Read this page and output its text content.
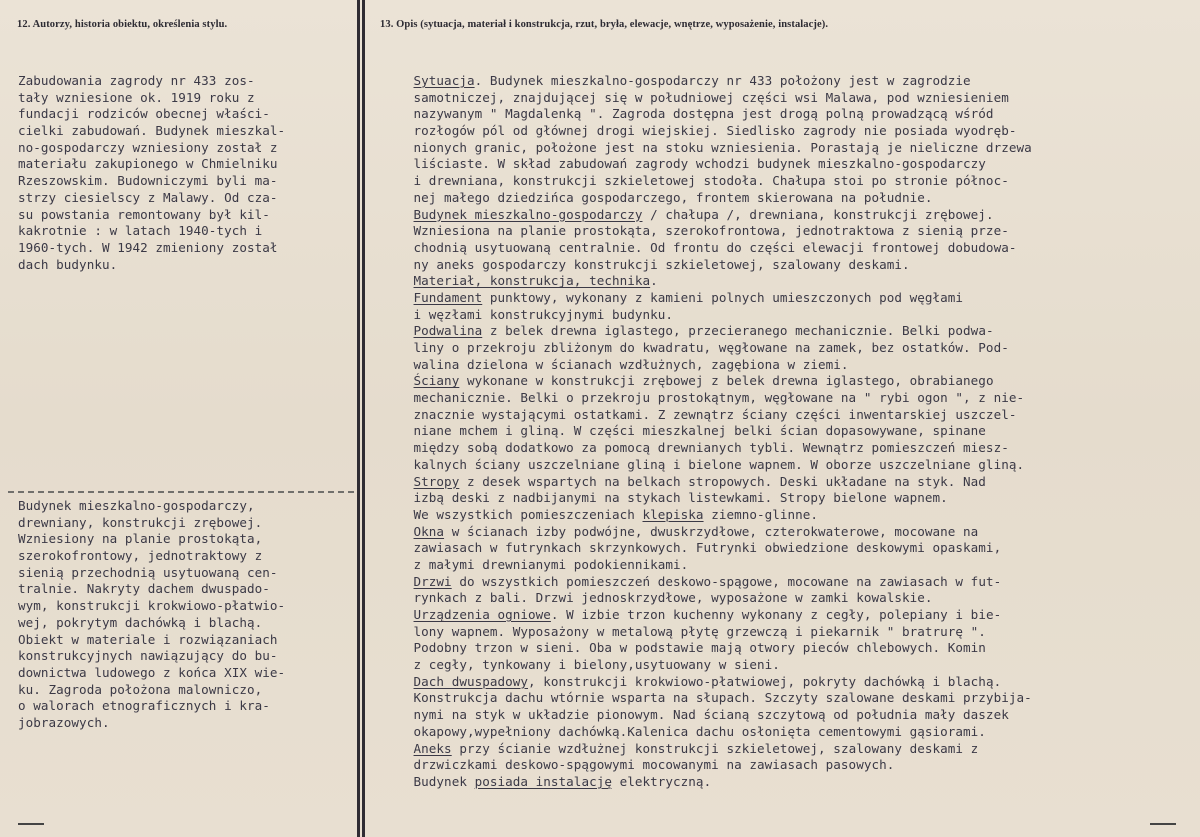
12. Autorzy, historia obiektu, określenia stylu.	13. Opis (sytuacja, materiał i konstrukcja, rzut, bryła, elewacje, wnętrze, wyposażenie, instalacje).
Zabudowania zagrody nr 433 zos-
tały wzniesione ok. 1919 roku z
fundacji rodziców obecnej właści-
cielki zabudowań. Budynek mieszkal-
no-gospodarczy wzniesiony został z
materiału zakupionego w Chmielniku
Rzeszowskim. Budowniczymi byli ma-
strzy ciesielscy z Malawy. Od cza-
su powstania remontowany był kil-
kakrotnie : w latach 1940-tych i
1960-tych. W 1942 zmieniony został
dach budynku.
Budynek mieszkalno-gospodarczy,
drewniany, konstrukcji zrębowej.
Wzniesiony na planie prostokąta,
szerokofrontowy, jednotraktowy z
sienią przechodnią usytuowaną cen-
tralnie. Nakryty dachem dwuspado-
wym, konstrukcji krokwiowo-płatwio-
wej, pokrytym dachówką i blachą.
Obiekt w materiale i rozwiązaniach
konstrukcyjnych nawiązujący do bu-
downictwa ludowego z końca XIX wie-
ku. Zagroda położona malowniczo,
o walorach etnograficznych i kra-
jobrazowych.
Sytuacja. Budynek mieszkalno-gospodarczy nr 433 położony jest w zagrodzie
samotniczej, znajdującej się w południowej części wsi Malawa, pod wzniesieniem
nazywanym " Magdalenką ". Zagroda dostępna jest drogą polną prowadzącą wśród
rozłogów pól od głównej drogi wiejskiej. Siedlisko zagrody nie posiada wyodręb-
nionych granic, położone jest na stoku wzniesienia. Porastają je nieliczne drzewa
liściaste. W skład zabudowań zagrody wchodzi budynek mieszkalno-gospodarczy
i drewniana, konstrukcji szkieletowej stodoła. Chałupa stoi po stronie północ-
nej małego dziedzińca gospodarczego, frontem skierowana na południe.
Budynek mieszkalno-gospodarczy / chałupa /, drewniana, konstrukcji zrębowej.
Wzniesiona na planie prostokąta, szerokofrontowa, jednotraktowa z sienią prze-
chodnią usytuowaną centralnie. Od frontu do części elewacji frontowej dobudowa-
ny aneks gospodarczy konstrukcji szkieletowej, szalowany deskami.
Materiał, konstrukcja, technika.
Fundament punktowy, wykonany z kamieni polnych umieszczonych pod węgłami
i węzłami konstrukcyjnymi budynku.
Podwalina z belek drewna iglastego, przecieranego mechanicznie. Belki podwa-
liny o przekroju zbliżonym do kwadratu, węgłowane na zamek, bez ostatków. Pod-
walina dzielona w ścianach wzdłużnych, zagębiona w ziemi.
Ściany wykonane w konstrukcji zrębowej z belek drewna iglastego, obrabianego
mechanicznie. Belki o przekroju prostokątnym, węgłowane na " rybi ogon ", z nie-
znacznie wystającymi ostatkami. Z zewnątrz ściany części inwentarskiej uszczel-
niane mchem i gliną. W części mieszkalnej belki ścian dopasowywane, spinane
między sobą dodatkowo za pomocą drewnianych tybli. Wewnątrz pomieszczeń miesz-
kalnych ściany uszczelniane gliną i bielone wapnem. W oborze uszczelniane gliną.
Stropy z desek wspartych na belkach stropowych. Deski układane na styk. Nad
izbą deski z nadbijanymi na stykach listewkami. Stropy bielone wapnem.
We wszystkich pomieszczeniach klepiska ziemno-glinne.
Okna w ścianach izby podwójne, dwuskrzydłowe, czterokwaterowe, mocowane na
zawiasach w futrynkach skrzynkowych. Futrynki obwiedzione deskowymi opaskami,
z małymi drewnianymi podokiennikami.
Drzwi do wszystkich pomieszczeń deskowo-spągowe, mocowane na zawiasach w fut-
rynkach z bali. Drzwi jednoskrzydłowe, wyposażone w zamki kowalskie.
Urządzenia ogniowe. W izbie trzon kuchenny wykonany z cegły, polepiany i bie-
lony wapnem. Wyposażony w metalową płytę grzewczą i piekarnik " bratrurę ".
Podobny trzon w sieni. Oba w podstawie mają otwory pieców chlebowych. Komin
z cegły, tynkowany i bielony,usytuowany w sieni.
Dach dwuspadowy, konstrukcji krokwiowo-płatwiowej, pokryty dachówką i blachą.
Konstrukcja dachu wtórnie wsparta na słupach. Szczyty szalowane deskami przybija-
nymi na styk w układzie pionowym. Nad ścianą szczytową od południa mały daszek
okapowy,wypełniony dachówką.Kalenica dachu osłonięta cementowymi gąsiorami.
Aneks przy ścianie wzdłużnej konstrukcji szkieletowej, szalowany deskami z
drzwiczkami deskowo-spągowymi mocowanymi na zawiasach pasowych.
Budynek posiada instalację elektryczną.
